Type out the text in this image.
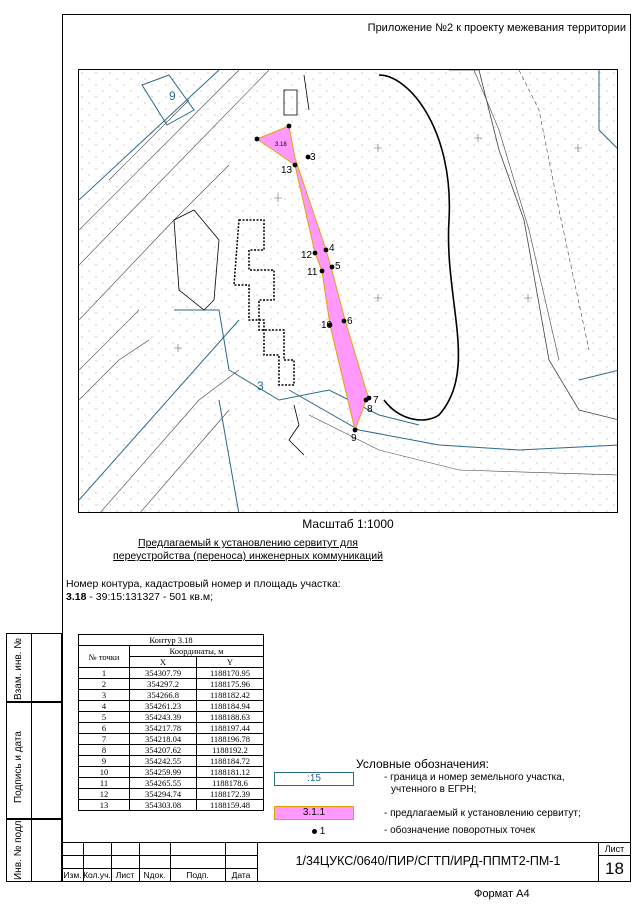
Приложение №2 к проекту межевания территории
9
3
3.18
3
4
5
6
7
8
9
10
11
12
13
Масштаб 1:1000
Предлагаемый к установлению сервитут для
переустройства (переноса) инженерных коммуникаций
Номер контура, кадастровый номер и площадь участка:
3.18 - 39:15:131327 - 501 кв.м;
Контур 3.18		
№ точки	Координаты, м	
	X	Y
1	354307.79	1188170.95
2	354297.2	1188175.96
3	354266.8	1188182.42
4	354261.23	1188184.94
5	354243.39	1188188.63
6	354217.78	1188197.44
7	354218.04	1188196.78
8	354207.62	1188192.2
9	354242.55	1188184.72
10	354259.99	1188181.12
11	354265.55	1188178.6
12	354294.74	1188172.39
13	354303.08	1188159.48
Условные обозначения:
:15	- граница и номер земельного участка,
учтенного в ЕГРН;
3.1.1	- предлагаемый к установлению сервитут;
1	- обозначение поворотных точек
Взам. инв. №
Подпись и дата
Инв. № подл.	Изм. Кол.уч. Лист	Nдок.	Подп.	Дата
1/34ЦУКС/0640/ПИР/СГТП/ИРД-ППМТ2-ПМ-1
Лист
18
Формат А4
